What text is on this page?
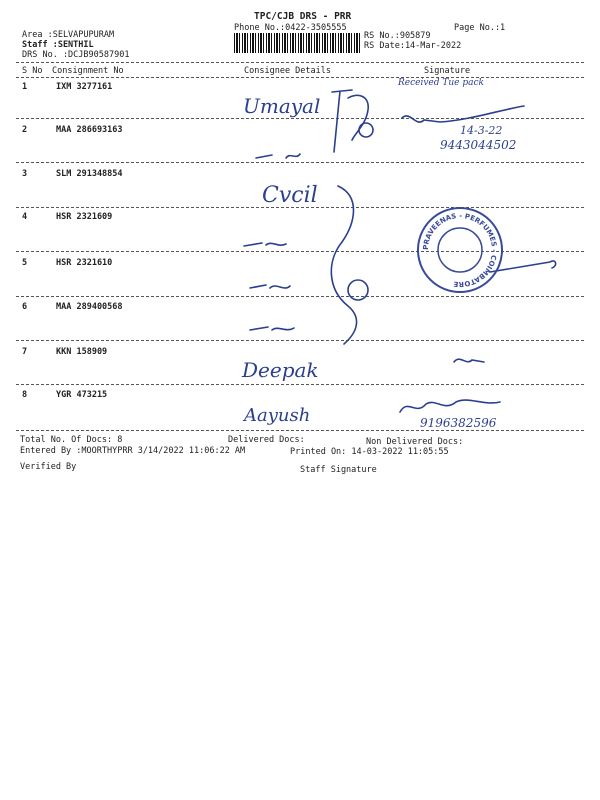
TPC/CJB DRS - PRR
Phone No.:0422-3505555	Page No.:1
Area :SELVAPUPURAM
Staff :SENTHIL
DRS No. :DCJB90587901
RS No.:905879
RS Date:14-Mar-2022
S No Consignment No	Consignee Details	Signature
1	IXM 3277161
2	MAA 286693163
3	SLM 291348854
4	HSR 2321609
5	HSR 2321610
6	MAA 289400568
7	KKN 158909
8	YGR 473215
Total No. Of Docs: 8	Delivered Docs:	Non Delivered Docs:
Entered By :MOORTHYPRR 3/14/2022 11:06:22 AM	Printed On: 14-03-2022 11:05:55
Verified By	Staff Signature
Umayal
Received Tue pack
14-3-22
9443044502
Cvcil
Deepak
Aayush	9196382596
PRAVEENAS - PERFUMES - COIMBATORE
